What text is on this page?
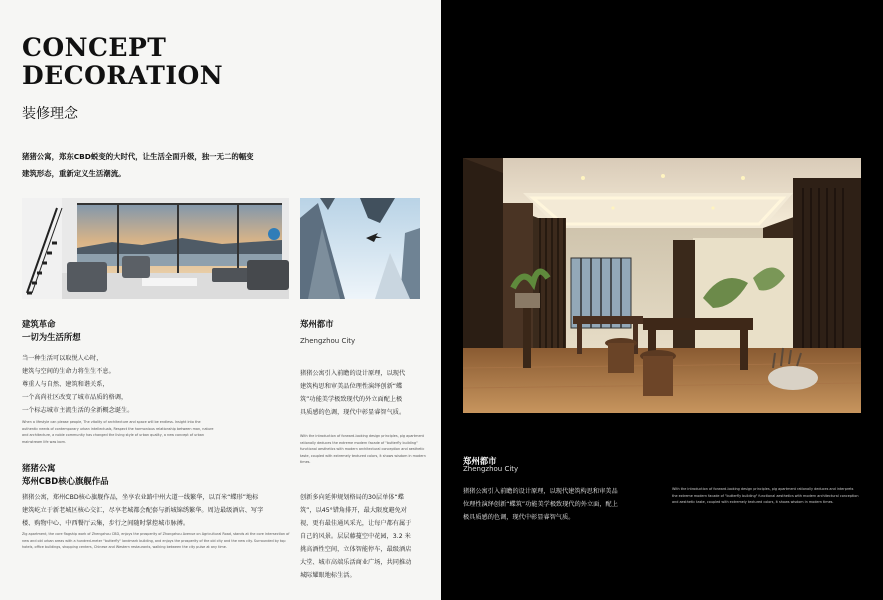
CONCEPT
DECORATION

装修理念

猪猪公寓，郑东CBD蜕变的大时代，让生活全面升级，独一无二的幅变
建筑形态，重新定义生活潮流。

建筑革命
一切为生活所想

当一种生活可以取悦人心时，
建筑与空间的生命力将生生不息。
尊重人与自然、建筑和谐关系，
一个高尚社区改变了城市品质的格调，
一个标志城市主流生活的全新概念诞生。

When a lifestyle can please people, The vitality of architecture and space will be endless. Insight into the authentic needs of contemporary urban intellectuals, Respect the harmonious relationship between man, nature and architecture, a noble community has changed the living style of urban quality, a new concept of urban mainstream life was born.

猪猪公寓
郑州CBD核心旗舰作品

猪猪公寓，郑州CBD核心旗舰作品，坐享农业路中州大道一线繁华，以百米“蝶形”地标
建筑屹立于新老城区核心交汇，尽享老城都会配套与新城锦绣繁华。周边最级酒店、写字
楼、购物中心、中西餐厅云集，步行之间随时掌控城市脉搏。

Zig apartment, the core flagship work of Zhengzhou CBD, enjoys the prosperity of Zhongzhou Avenue on Agricultural Road, stands at the core intersection of new and old urban areas with a hundred-meter "butterfly" landmark building, and enjoys the prosperity of the old city and the new city. Surrounded by top hotels, office buildings, shopping centers, Chinese and Western restaurants, walking between the city pulse at any time.

郑州都市

Zhengzhou City

猪猪公寓引入前瞻的设计原理，以现代
建筑构思和审美品位理性演绎创新“蝶
筑”功能美学极致现代的外立面配上极
具质感的色调，现代中彰显睿智气质。

With the introduction of forward-looking design principles, pig apartment rationally deduces the extreme modern facade of "butterfly building" functional aesthetics with modern architectural conception and aesthetic taste, coupled with extremely textured colors, it shows wisdom in modern times.

创新多向延伸规划格局的30层单体“蝶
筑”，以45°错角排开，最大限度避免对
视，更有最佳通风采光，让每户都有属于
自己的风景。层层藤蔓空中花园，3.2 米
挑高酒性空间，立体智能停车，最级酒店
大堂、城市高端乐活商业广场，共同推动
城际耀眼地标生活。

郑州都市

Zhengzhou City

猪猪公寓引入前瞻的设计原理，以现代建筑构思和审美品
位理性演绎创新“蝶筑”功能美学极致现代的外立面，配上
极具质感的色调，现代中彰显睿智气质。

With the introduction of forward-looking design principles, pig apartment rationally deduces and interprets the extreme modern facade of "butterfly building" functional aesthetics with modern architectural conception and aesthetic taste, coupled with extremely textured colors, it shows wisdom in modern times.
